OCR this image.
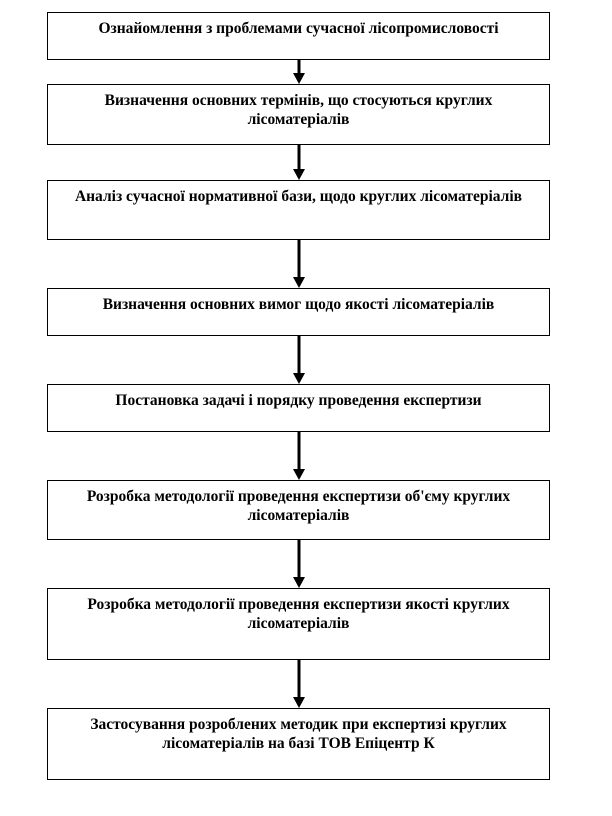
Ознайомлення з проблемами сучасної лісопромисловості
Визначення основних термінів, що стосуються круглих лісоматеріалів
Аналіз сучасної нормативної бази, щодо круглих лісоматеріалів
Визначення основних вимог щодо якості лісоматеріалів
Постановка задачі і порядку проведення експертизи
Розробка методології проведення експертизи об'єму круглих лісоматеріалів
Розробка методології проведення експертизи якості круглих лісоматеріалів
Застосування розроблених методик при експертизі круглих лісоматеріалів на базі ТОВ Епіцентр К
